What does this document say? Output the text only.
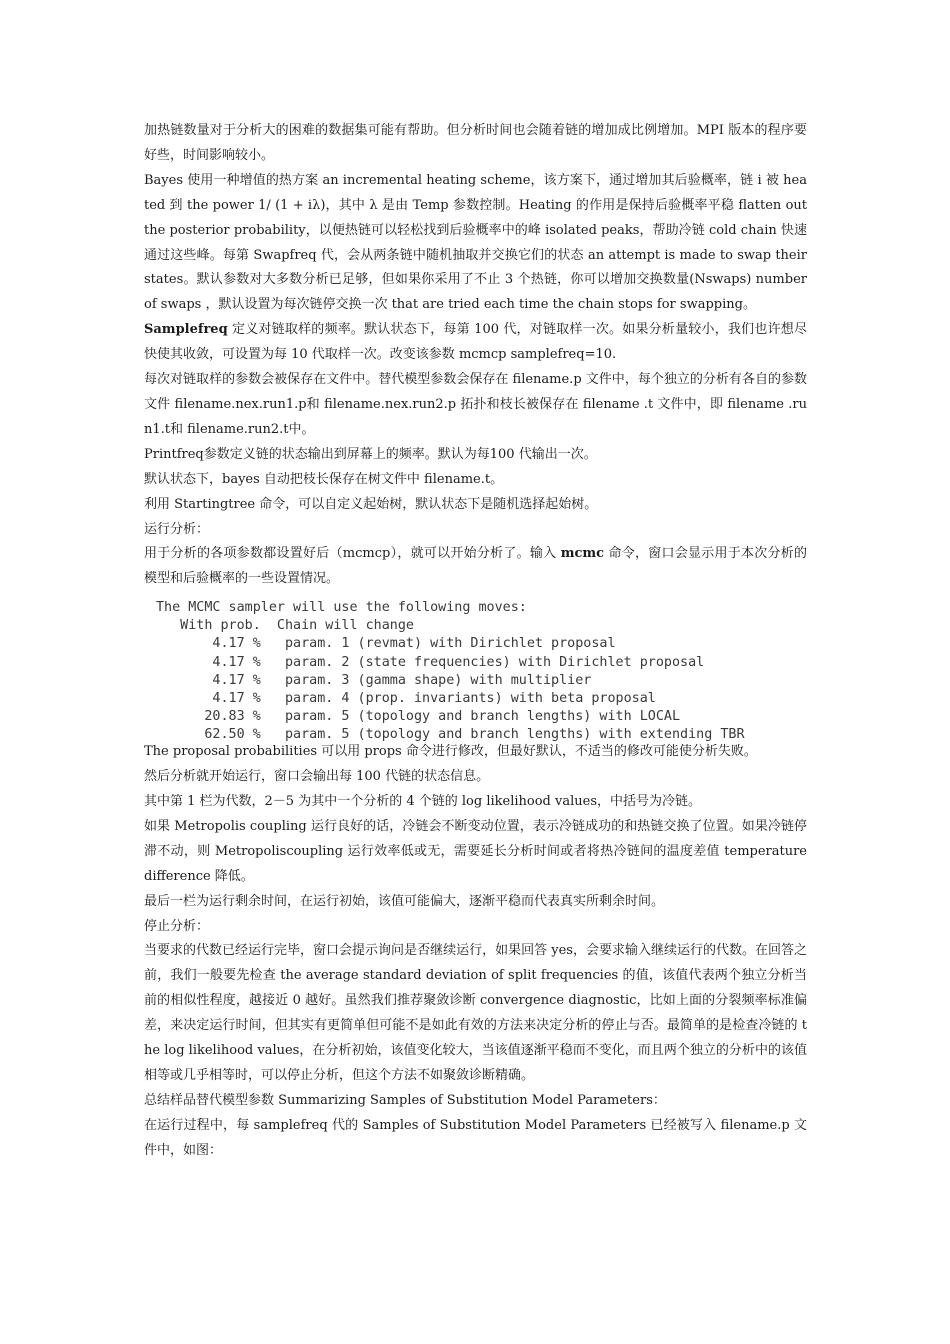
加热链数量对于分析大的困难的数据集可能有帮助。但分析时间也会随着链的增加成比例增加。MPI 版本的程序要好些，时间影响较小。

Bayes 使用一种增值的热方案 an incremental heating scheme，该方案下，通过增加其后验概率，链 i 被 heated 到 the power 1/ (1 + iλ)，其中 λ 是由 Temp 参数控制。Heating 的作用是保持后验概率平稳 flatten out the posterior probability，以便热链可以轻松找到后验概率中的峰 isolated peaks，帮助冷链 cold chain 快速通过这些峰。每第 Swapfreq 代，会从两条链中随机抽取并交换它们的状态 an attempt is made to swap their states。默认参数对大多数分析已足够，但如果你采用了不止 3 个热链，你可以增加交换数量(Nswaps) number of swaps ，默认设置为每次链停交换一次 that are tried each time the chain stops for swapping。

Samplefreq 定义对链取样的频率。默认状态下，每第 100 代，对链取样一次。如果分析量较小，我们也许想尽快使其收敛，可设置为每 10 代取样一次。改变该参数 mcmcp samplefreq=10.

每次对链取样的参数会被保存在文件中。替代模型参数会保存在 filename.p 文件中，每个独立的分析有各自的参数文件 filename.nex.run1.p和 filename.nex.run2.p 拓扑和枝长被保存在 filename .t 文件中，即 filename .run1.t和 filename.run2.t中。

Printfreq参数定义链的状态输出到屏幕上的频率。默认为每100 代输出一次。

默认状态下，bayes 自动把枝长保存在树文件中 filename.t。

利用 Startingtree 命令，可以自定义起始树，默认状态下是随机选择起始树。

运行分析：

用于分析的各项参数都设置好后（mcmcp），就可以开始分析了。输入 mcmc 命令，窗口会显示用于本次分析的模型和后验概率的一些设置情况。

The MCMC sampler will use the following moves:
With prob.  Chain will change
4.17 %   param. 1 (revmat) with Dirichlet proposal
4.17 %   param. 2 (state frequencies) with Dirichlet proposal
4.17 %   param. 3 (gamma shape) with multiplier
4.17 %   param. 4 (prop. invariants) with beta proposal
20.83 %   param. 5 (topology and branch lengths) with LOCAL
62.50 %   param. 5 (topology and branch lengths) with extending TBR

The proposal probabilities 可以用 props 命令进行修改，但最好默认，不适当的修改可能使分析失败。

然后分析就开始运行，窗口会输出每 100 代链的状态信息。

其中第 1 栏为代数，2－5 为其中一个分析的 4 个链的 log likelihood values，中括号为冷链。

如果 Metropolis coupling 运行良好的话，冷链会不断变动位置，表示冷链成功的和热链交换了位置。如果冷链停滞不动，则 Metropoliscoupling 运行效率低或无，需要延长分析时间或者将热冷链间的温度差值 temperature difference 降低。

最后一栏为运行剩余时间，在运行初始，该值可能偏大，逐渐平稳而代表真实所剩余时间。

停止分析：

当要求的代数已经运行完毕，窗口会提示询问是否继续运行，如果回答 yes，会要求输入继续运行的代数。在回答之前，我们一般要先检查 the average standard deviation of split frequencies 的值，该值代表两个独立分析当前的相似性程度，越接近 0 越好。虽然我们推荐聚敛诊断 convergence diagnostic，比如上面的分裂频率标准偏差，来决定运行时间，但其实有更简单但可能不是如此有效的方法来决定分析的停止与否。最简单的是检查冷链的 the log likelihood values，在分析初始，该值变化较大，当该值逐渐平稳而不变化，而且两个独立的分析中的该值相等或几乎相等时，可以停止分析，但这个方法不如聚敛诊断精确。

总结样品替代模型参数 Summarizing Samples of Substitution Model Parameters：

在运行过程中，每 samplefreq 代的 Samples of Substitution Model Parameters 已经被写入 filename.p 文件中，如图：
